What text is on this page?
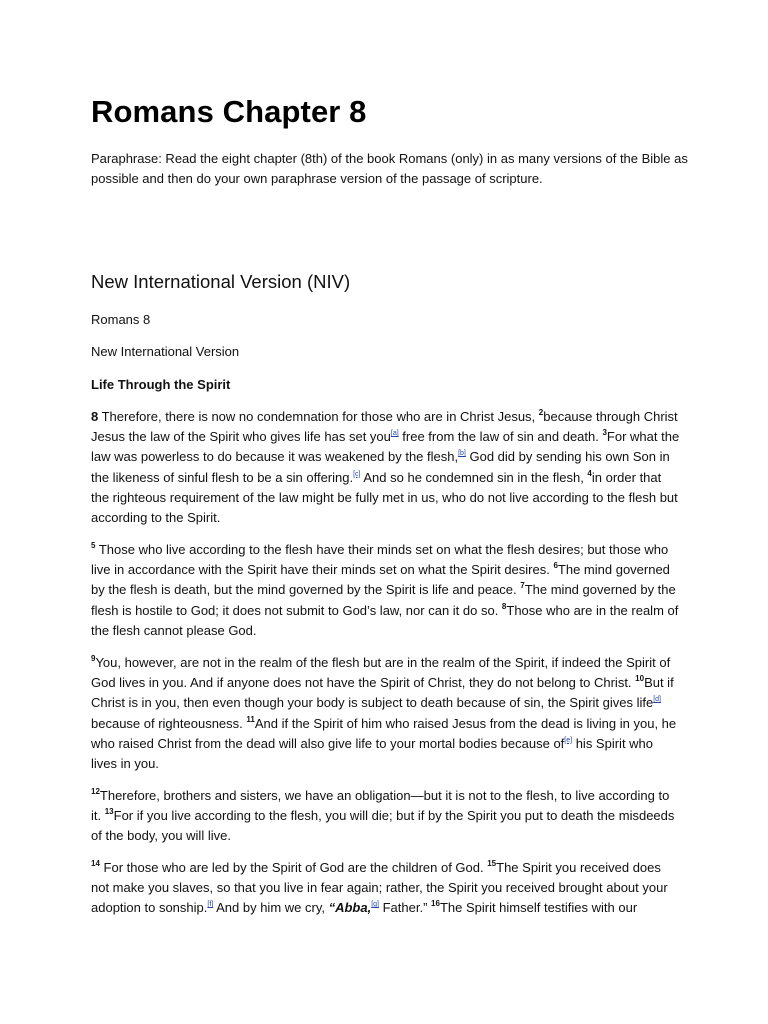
Romans Chapter 8

Paraphrase: Read the eight chapter (8th) of the book Romans (only) in as many versions of the Bible as possible and then do your own paraphrase version of the passage of scripture.

New International Version (NIV)

Romans 8

New International Version

Life Through the Spirit

8 Therefore, there is now no condemnation for those who are in Christ Jesus, $^2$because through Christ Jesus the law of the Spirit who gives life has set you[a] free from the law of sin and death. $^3$For what the law was powerless to do because it was weakened by the flesh,[b] God did by sending his own Son in the likeness of sinful flesh to be a sin offering.[c] And so he condemned sin in the flesh, $^4$in order that the righteous requirement of the law might be fully met in us, who do not live according to the flesh but according to the Spirit.

$^5$ Those who live according to the flesh have their minds set on what the flesh desires; but those who live in accordance with the Spirit have their minds set on what the Spirit desires. $^6$The mind governed by the flesh is death, but the mind governed by the Spirit is life and peace. $^7$The mind governed by the flesh is hostile to God; it does not submit to God’s law, nor can it do so. $^8$Those who are in the realm of the flesh cannot please God.

$^9$You, however, are not in the realm of the flesh but are in the realm of the Spirit, if indeed the Spirit of God lives in you. And if anyone does not have the Spirit of Christ, they do not belong to Christ. $^{10}$But if Christ is in you, then even though your body is subject to death because of sin, the Spirit gives life[d] because of righteousness. $^{11}$And if the Spirit of him who raised Jesus from the dead is living in you, he who raised Christ from the dead will also give life to your mortal bodies because of[e] his Spirit who lives in you.

$^{12}$Therefore, brothers and sisters, we have an obligation—but it is not to the flesh, to live according to it. $^{13}$For if you live according to the flesh, you will die; but if by the Spirit you put to death the misdeeds of the body, you will live.

$^{14}$ For those who are led by the Spirit of God are the children of God. $^{15}$The Spirit you received does not make you slaves, so that you live in fear again; rather, the Spirit you received brought about your adoption to sonship.[f] And by him we cry, “Abba,[g] Father.” $^{16}$The Spirit himself testifies with our
